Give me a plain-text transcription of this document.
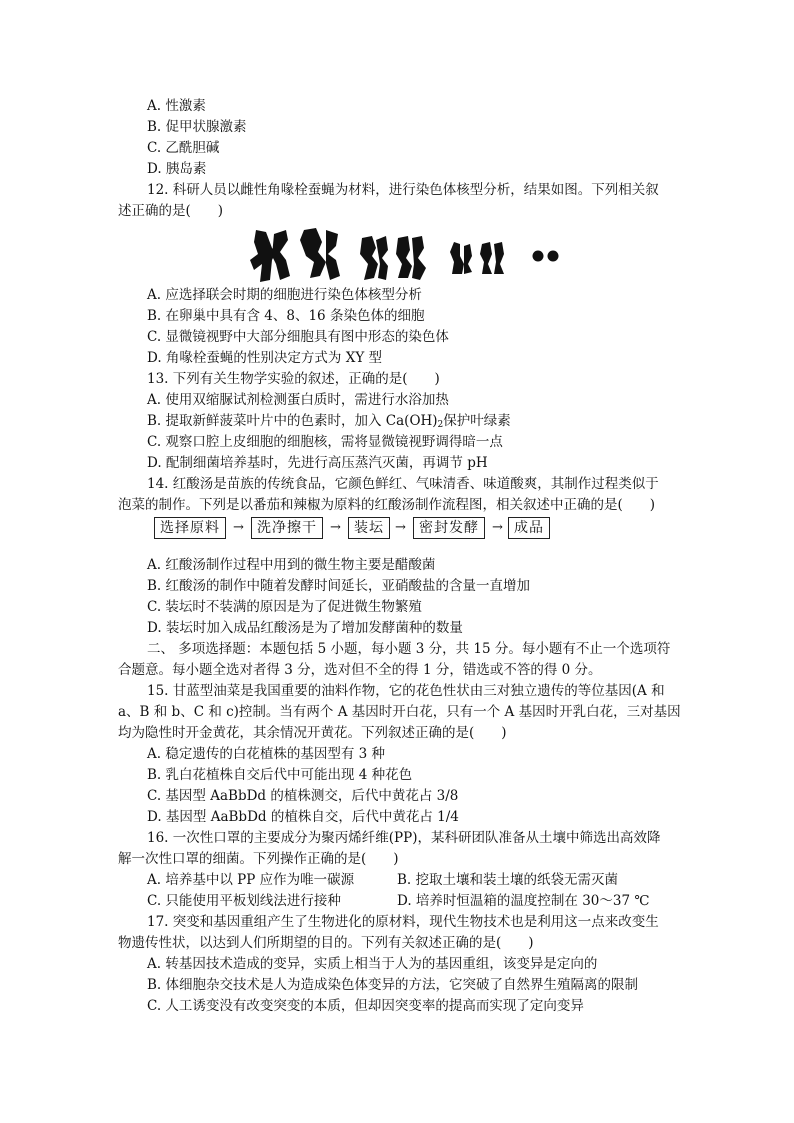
A. 性激素
B. 促甲状腺激素
C. 乙酰胆碱
D. 胰岛素
12. 科研人员以雌性角喙栓蚕蝇为材料，进行染色体核型分析，结果如图。下列相关叙
述正确的是(　　)
A. 应选择联会时期的细胞进行染色体核型分析
B. 在卵巢中具有含 4、8、16 条染色体的细胞
C. 显微镜视野中大部分细胞具有图中形态的染色体
D. 角喙栓蚕蝇的性别决定方式为 XY 型
13. 下列有关生物学实验的叙述，正确的是(　　)
A. 使用双缩脲试剂检测蛋白质时，需进行水浴加热
B. 提取新鲜菠菜叶片中的色素时，加入 $Ca(OH)_2$保护叶绿素
C. 观察口腔上皮细胞的细胞核，需将显微镜视野调得暗一点
D. 配制细菌培养基时，先进行高压蒸汽灭菌，再调节 pH
14. 红酸汤是苗族的传统食品，它颜色鲜红、气味清香、味道酸爽，其制作过程类似于
泡菜的制作。下列是以番茄和辣椒为原料的红酸汤制作流程图，相关叙述中正确的是(　　)
选择原料	→ 洗净擦干	→ 装坛 → 密封发酵	→ 成品
A. 红酸汤制作过程中用到的微生物主要是醋酸菌
B. 红酸汤的制作中随着发酵时间延长，亚硝酸盐的含量一直增加
C. 装坛时不装满的原因是为了促进微生物繁殖
D. 装坛时加入成品红酸汤是为了增加发酵菌种的数量
二、 多项选择题：本题包括 5 小题，每小题 3 分，共 15 分。每小题有不止一个选项符
合题意。每小题全选对者得 3 分，选对但不全的得 1 分，错选或不答的得 0 分。
15. 甘蓝型油菜是我国重要的油料作物，它的花色性状由三对独立遗传的等位基因(A 和
a、B 和 b、C 和 c)控制。当有两个 A 基因时开白花，只有一个 A 基因时开乳白花，三对基因
均为隐性时开金黄花，其余情况开黄花。下列叙述正确的是(　　)
A. 稳定遗传的白花植株的基因型有 3 种
B. 乳白花植株自交后代中可能出现 4 种花色
C. 基因型 AaBbDd 的植株测交，后代中黄花占 3/8
D. 基因型 AaBbDd 的植株自交，后代中黄花占 1/4
16. 一次性口罩的主要成分为聚丙烯纤维(PP)，某科研团队准备从土壤中筛选出高效降
解一次性口罩的细菌。下列操作正确的是(　　)
A. 培养基中以 PP 应作为唯一碳源	B. 挖取土壤和装土壤的纸袋无需灭菌
C. 只能使用平板划线法进行接种	D. 培养时恒温箱的温度控制在 30～37 ℃
17. 突变和基因重组产生了生物进化的原材料，现代生物技术也是利用这一点来改变生
物遗传性状，以达到人们所期望的目的。下列有关叙述正确的是(　　)
A. 转基因技术造成的变异，实质上相当于人为的基因重组，该变异是定向的
B. 体细胞杂交技术是人为造成染色体变异的方法，它突破了自然界生殖隔离的限制
C. 人工诱变没有改变突变的本质，但却因突变率的提高而实现了定向变异
